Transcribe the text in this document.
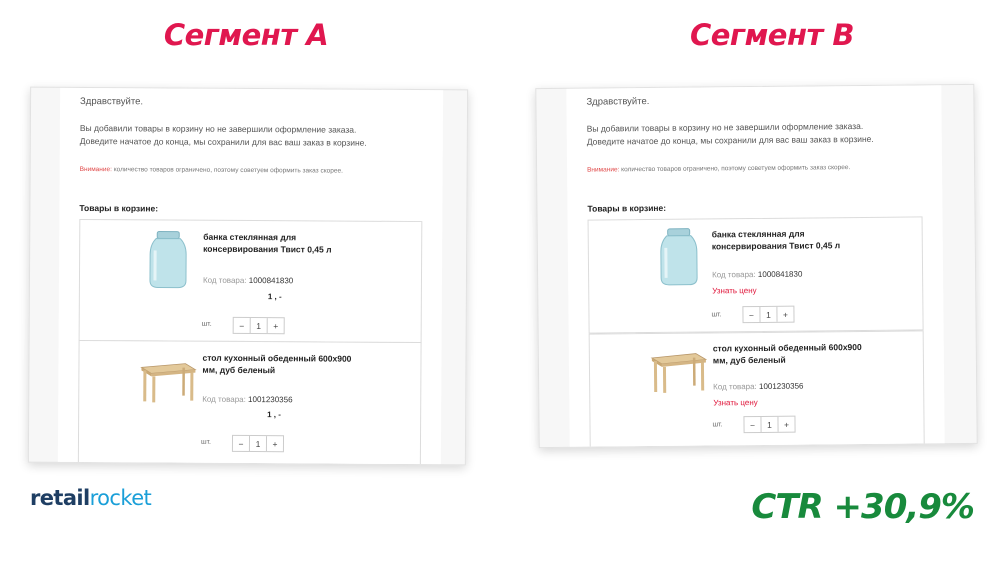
Сегмент А	Сегмент В
Здравствуйте.
Вы добавили товары в корзину но не завершили оформление заказа.
Доведите начатое до конца, мы сохранили для вас ваш заказ в корзине.
Внимание: количество товаров ограничено, поэтому советуем оформить заказ скорее.
Товары в корзине:
банка стеклянная для
консервирования Твист 0,45 л
Код товара: 1000841830
1 , -
шт.	−	1	+
стол кухонный обеденный 600x900
мм, дуб беленый
Код товара: 1001230356
1 , -
шт.	−	1	+
Здравствуйте.
Вы добавили товары в корзину но не завершили оформление заказа.
Доведите начатое до конца, мы сохранили для вас ваш заказ в корзине.
Внимание: количество товаров ограничено, поэтому советуем оформить заказ скорее.
Товары в корзине:
банка стеклянная для
консервирования Твист 0,45 л
Код товара: 1000841830
Узнать цену
шт.	−	1	+
стол кухонный обеденный 600x900
мм, дуб беленый
Код товара: 1001230356
Узнать цену
шт.	−	1	+
retailrocket	CTR +30,9%
